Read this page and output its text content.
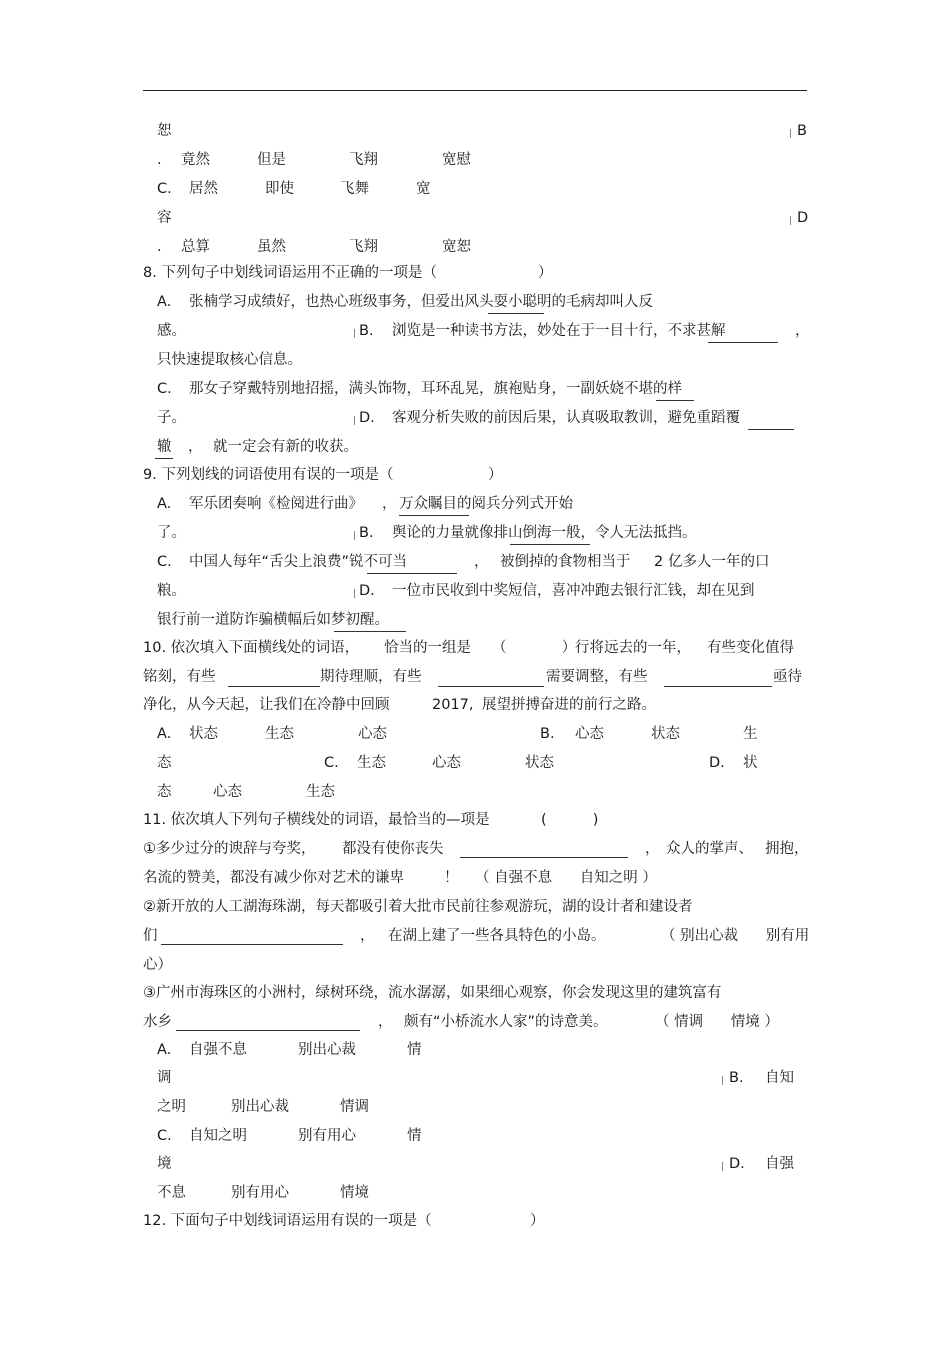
恕	B
. 竟然	但是	飞翔	宽慰
C. 居然	即使	飞舞	宽
容	D
. 总算	虽然	飞翔	宽恕
8. 下列句子中划线词语运用不正确的一项是（	）
A. 张楠学习成绩好，也热心班级事务，但爱出风头耍小聪明的毛病却叫人反
感。	B. 浏览是一种读书方法，妙处在于一目十行，不求甚解	，
只快速提取核心信息。
C. 那女子穿戴特别地招摇，满头饰物，耳环乱晃，旗袍贴身，一副妖娆不堪的样
子。	D. 客观分析失败的前因后果，认真吸取教训，避免重蹈覆
辙 ， 就一定会有新的收获。
9. 下列划线的词语使用有误的一项是（	）
A. 军乐团奏响《检阅进行曲》 ， 万众瞩目的阅兵分列式开始
了。	B. 舆论的力量就像排山倒海一般，令人无法抵挡。
C. 中国人每年“舌尖上浪费”锐不可当	， 被倒掉的食物相当于 2 亿多人一年的口
粮。	D. 一位市民收到中奖短信，喜冲冲跑去银行汇钱，却在见到
银行前一道防诈骗横幅后如梦初醒。
10. 依次填入下面横线处的词语， 恰当的一组是 （            ）
行将远去的一年， 有些变化值得
铭刻，有些	期待理顺，有些	需要调整，有些	亟待
净化，从今天起，让我们在冷静中回顾	2017, 展望拼搏奋进的前行之路。
A. 状态	生态	心态	B. 心态	状态	生
态	C. 生态	心态	状态	D. 状
态	心态	生态
11. 依次填人下列句子横线处的词语，最恰当的—项是	(          )
①多少过分的谀辞与夸奖， 都没有使你丧失	， 众人的掌声、 拥抱，
名流的赞美，都没有减少你对艺术的谦卑	！ （ 自强不息      自知之明 ）
②新开放的人工湖海珠湖，每天都吸引着大批市民前往参观游玩，湖的设计者和建设者
们	， 在湖上建了一些各具特色的小岛。	（ 别出心裁      别有用
心）
③广州市海珠区的小洲村，绿树环绕，流水潺潺，如果细心观察，你会发现这里的建筑富有
水乡	， 颇有“小桥流水人家”的诗意美。	（ 情调      情境 ）
A. 自强不息	别出心裁	情
调	B. 自知
之明	别出心裁	情调
C. 自知之明	别有用心	情
境	D. 自强
不息	别有用心	情境
12. 下面句子中划线词语运用有误的一项是（	）
